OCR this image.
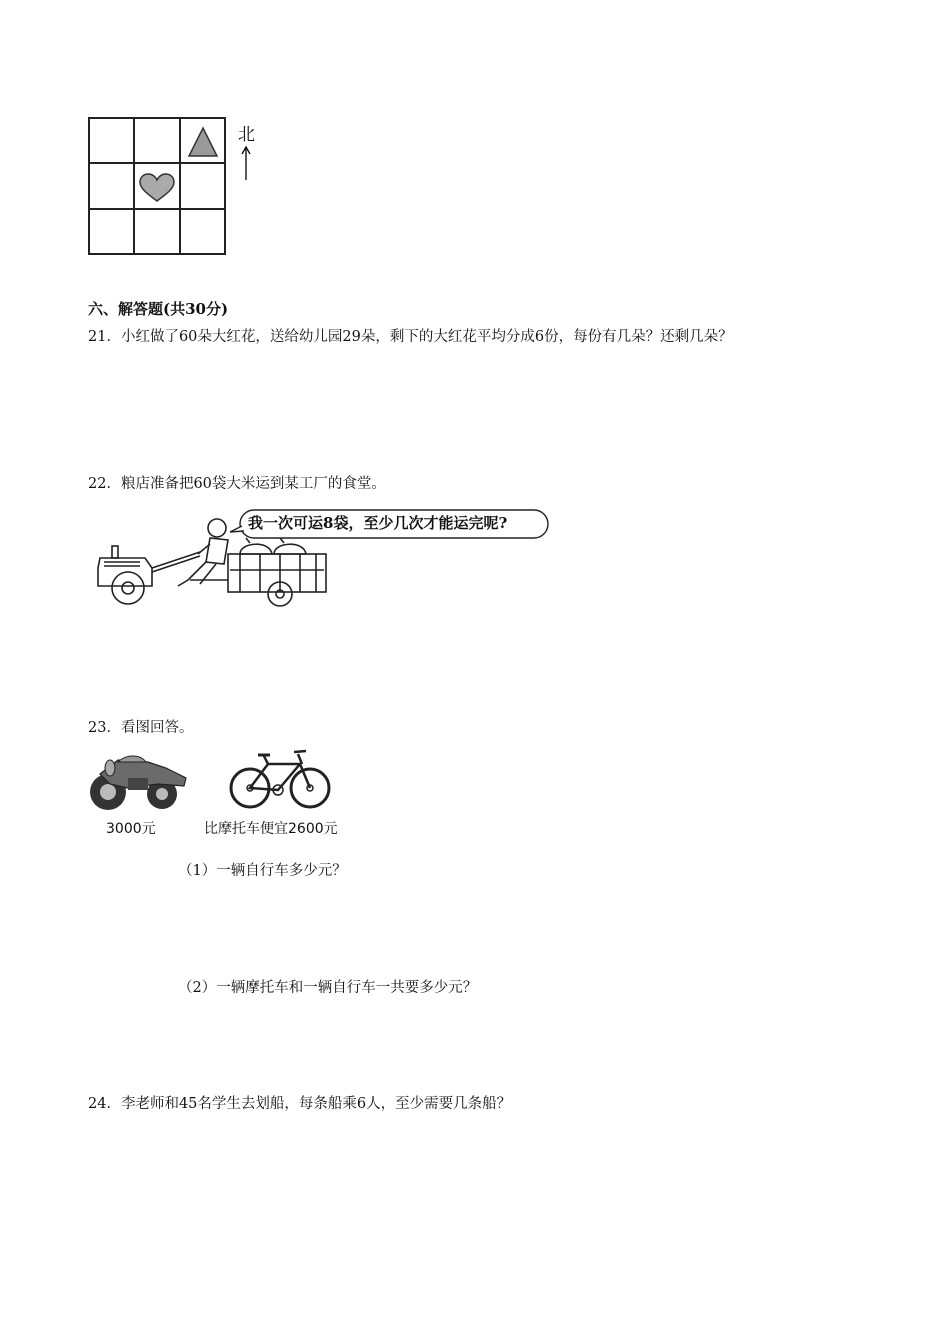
北
六、解答题(共30分)
21．小红做了60朵大红花，送给幼儿园29朵，剩下的大红花平均分成6份，每份有几朵？还剩几朵？
22．粮店准备把60袋大米运到某工厂的食堂。
我一次可运8袋，至少几次才能运完呢?
23．看图回答。
3000元	比摩托车便宜2600元
（1）一辆自行车多少元？
（2）一辆摩托车和一辆自行车一共要多少元？
24．李老师和45名学生去划船，每条船乘6人，至少需要几条船？
